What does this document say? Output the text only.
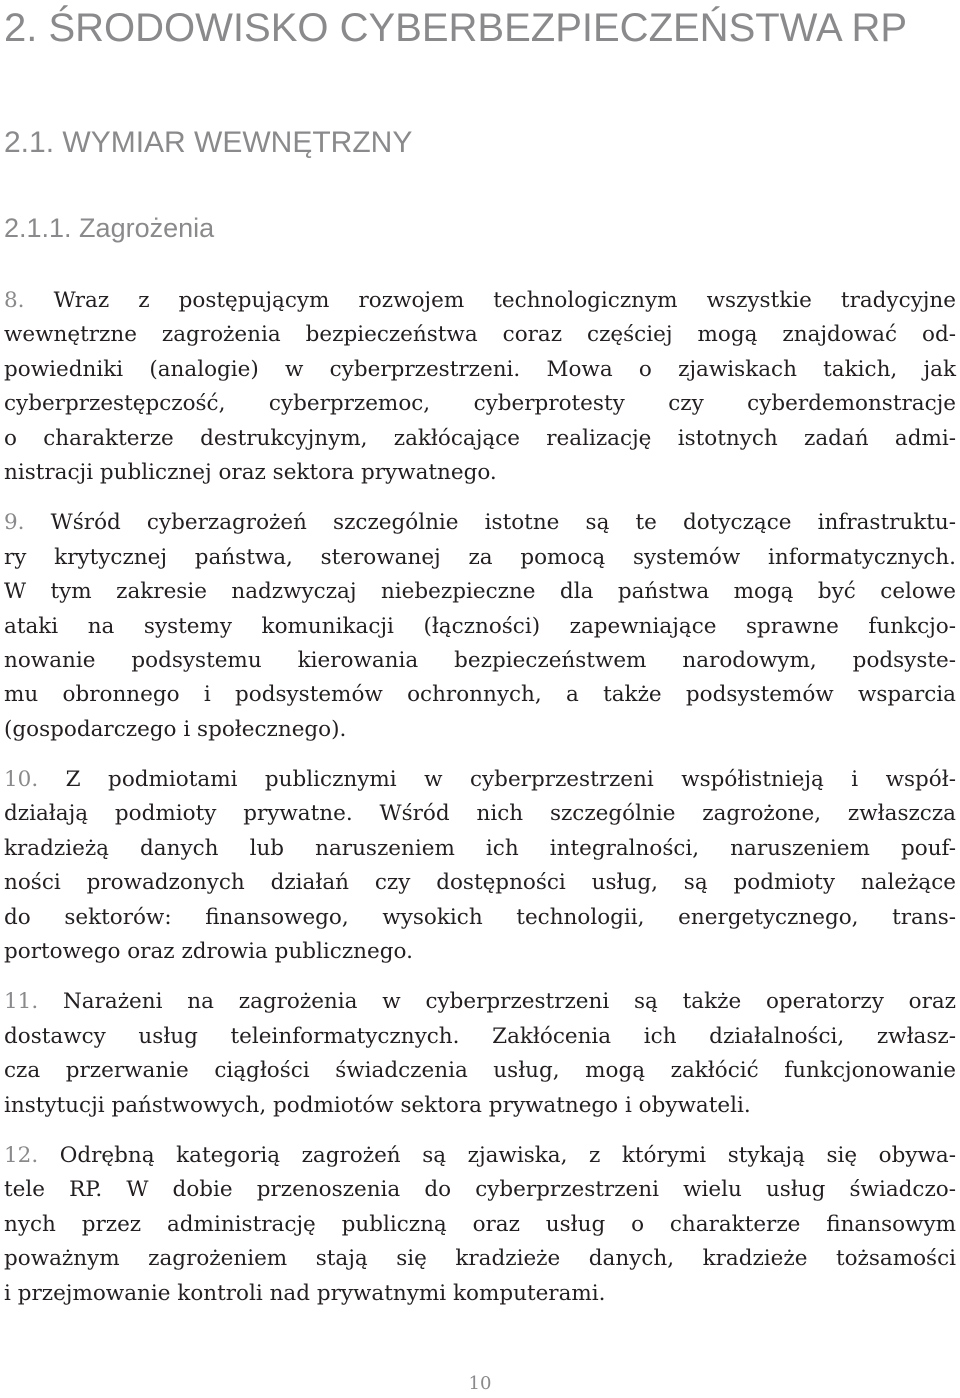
2. ŚRODOWISKO CYBERBEZPIECZEŃSTWA RP
2.1. WYMIAR WEWNĘTRZNY
2.1.1. Zagrożenia
8. Wraz z postępującym rozwojem technologicznym wszystkie tradycyjne
wewnętrzne zagrożenia bezpieczeństwa coraz częściej mogą znajdować od-
powiedniki (analogie) w cyberprzestrzeni. Mowa o zjawiskach takich, jak
cyberprzestępczość, cyberprzemoc, cyberprotesty czy cyberdemonstracje
o charakterze destrukcyjnym, zakłócające realizację istotnych zadań admi-
nistracji publicznej oraz sektora prywatnego.
9. Wśród cyberzagrożeń szczególnie istotne są te dotyczące infrastruktu-
ry krytycznej państwa, sterowanej za pomocą systemów informatycznych.
W tym zakresie nadzwyczaj niebezpieczne dla państwa mogą być celowe
ataki na systemy komunikacji (łączności) zapewniające sprawne funkcjo-
nowanie podsystemu kierowania bezpieczeństwem narodowym, podsyste-
mu obronnego i podsystemów ochronnych, a także podsystemów wsparcia
(gospodarczego i społecznego).
10. Z podmiotami publicznymi w cyberprzestrzeni współistnieją i współ-
działają podmioty prywatne. Wśród nich szczególnie zagrożone, zwłaszcza
kradzieżą danych lub naruszeniem ich integralności, naruszeniem pouf-
ności prowadzonych działań czy dostępności usług, są podmioty należące
do sektorów: finansowego, wysokich technologii, energetycznego, trans-
portowego oraz zdrowia publicznego.
11. Narażeni na zagrożenia w cyberprzestrzeni są także operatorzy oraz
dostawcy usług teleinformatycznych. Zakłócenia ich działalności, zwłasz-
cza przerwanie ciągłości świadczenia usług, mogą zakłócić funkcjonowanie
instytucji państwowych, podmiotów sektora prywatnego i obywateli.
12. Odrębną kategorią zagrożeń są zjawiska, z którymi stykają się obywa-
tele RP. W dobie przenoszenia do cyberprzestrzeni wielu usług świadczo-
nych przez administrację publiczną oraz usług o charakterze finansowym
poważnym zagrożeniem stają się kradzieże danych, kradzieże tożsamości
i przejmowanie kontroli nad prywatnymi komputerami.
10
